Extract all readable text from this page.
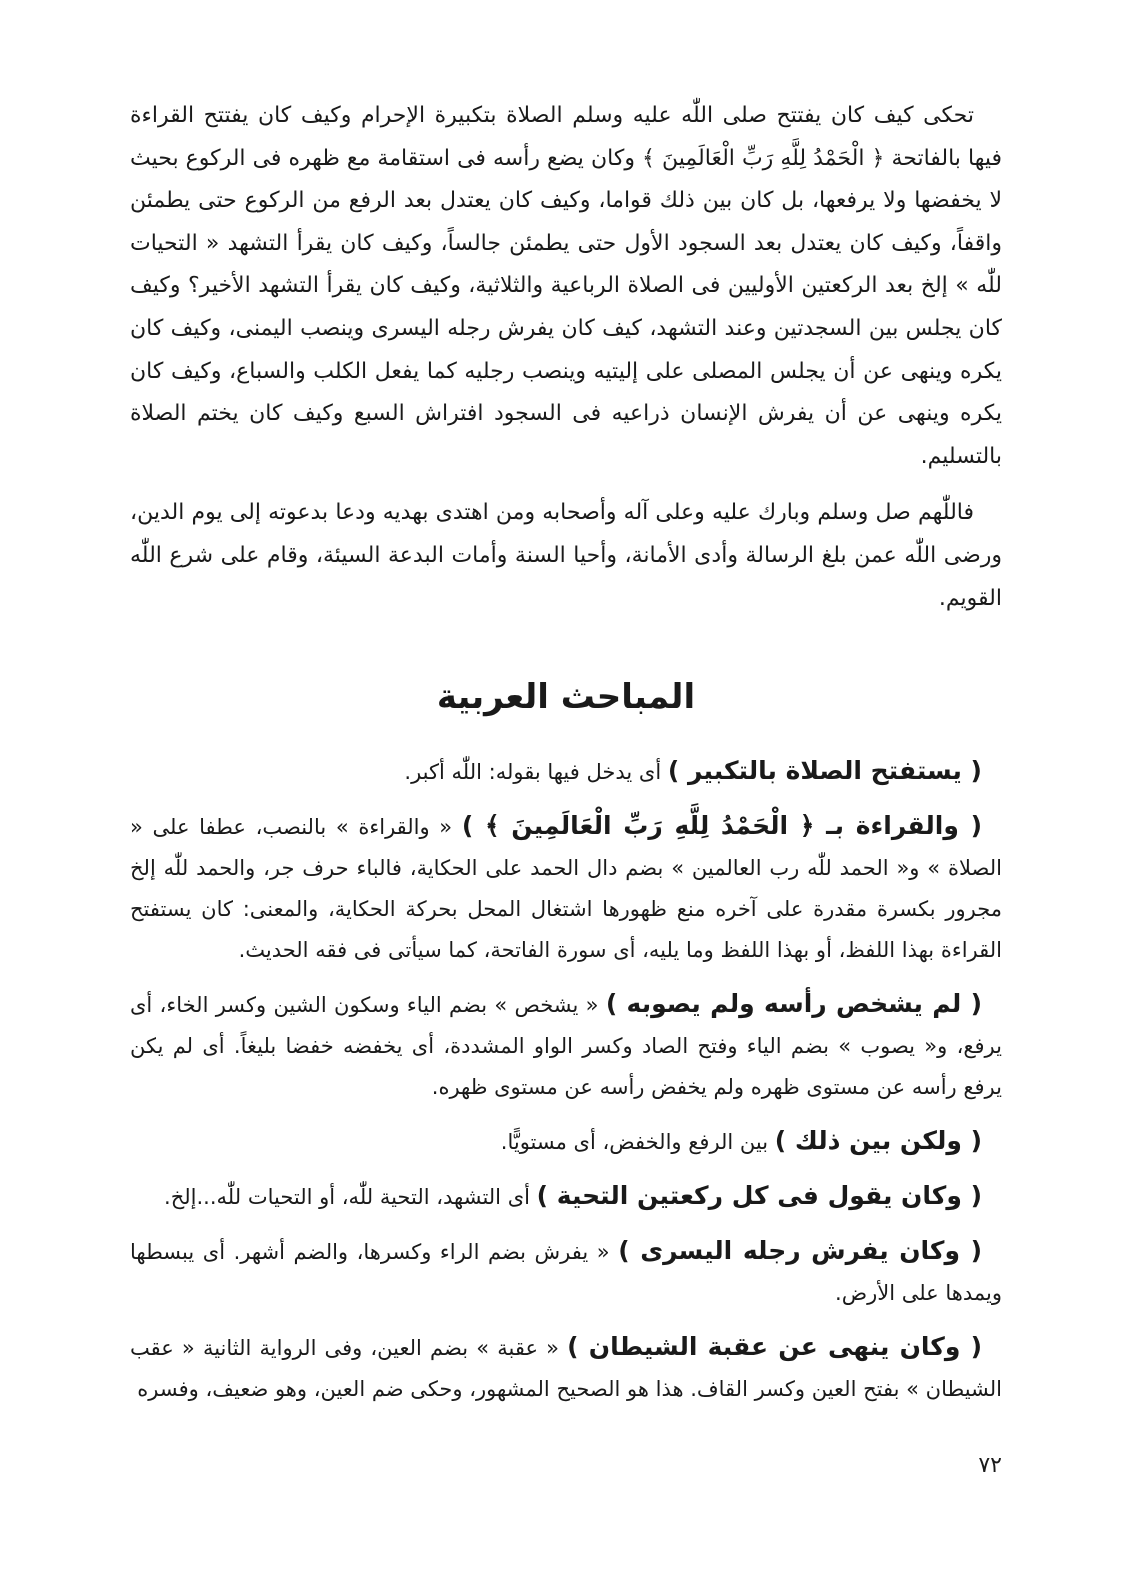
تحكى كيف كان يفتتح صلى اللّٰه عليه وسلم الصلاة بتكبيرة الإحرام وكيف كان يفتتح القراءة فيها بالفاتحة ﴿ الْحَمْدُ لِلَّهِ رَبِّ الْعَالَمِينَ ﴾ وكان يضع رأسه فى استقامة مع ظهره فى الركوع بحيث لا يخفضها ولا يرفعها، بل كان بين ذلك قواما، وكيف كان يعتدل بعد الرفع من الركوع حتى يطمئن واقفاً، وكيف كان يعتدل بعد السجود الأول حتى يطمئن جالساً، وكيف كان يقرأ التشهد « التحيات للّٰه » إلخ بعد الركعتين الأوليين فى الصلاة الرباعية والثلاثية، وكيف كان يقرأ التشهد الأخير؟ وكيف كان يجلس بين السجدتين وعند التشهد، كيف كان يفرش رجله اليسرى وينصب اليمنى، وكيف كان يكره وينهى عن أن يجلس المصلى على إليتيه وينصب رجليه كما يفعل الكلب والسباع، وكيف كان يكره وينهى عن أن يفرش الإنسان ذراعيه فى السجود افتراش السبع وكيف كان يختم الصلاة بالتسليم.

فاللّٰهم صل وسلم وبارك عليه وعلى آله وأصحابه ومن اهتدى بهديه ودعا بدعوته إلى يوم الدين، ورضى اللّٰه عمن بلغ الرسالة وأدى الأمانة، وأحيا السنة وأمات البدعة السيئة، وقام على شرع اللّٰه القويم.

المباحث العربية

( يستفتح الصلاة بالتكبير ) أى يدخل فيها بقوله: اللّٰه أكبر.

( والقراءة بـ ﴿ الْحَمْدُ لِلَّهِ رَبِّ الْعَالَمِينَ ﴾ ) « والقراءة » بالنصب، عطفا على « الصلاة » و« الحمد للّٰه رب العالمين » بضم دال الحمد على الحكاية، فالباء حرف جر، والحمد للّٰه إلخ مجرور بكسرة مقدرة على آخره منع ظهورها اشتغال المحل بحركة الحكاية، والمعنى: كان يستفتح القراءة بهذا اللفظ، أو بهذا اللفظ وما يليه، أى سورة الفاتحة، كما سيأتى فى فقه الحديث.

( لم يشخص رأسه ولم يصوبه ) « يشخص » بضم الياء وسكون الشين وكسر الخاء، أى يرفع، و« يصوب » بضم الياء وفتح الصاد وكسر الواو المشددة، أى يخفضه خفضا بليغاً. أى لم يكن يرفع رأسه عن مستوى ظهره ولم يخفض رأسه عن مستوى ظهره.

( ولكن بين ذلك ) بين الرفع والخفض، أى مستويًّا.

( وكان يقول فى كل ركعتين التحية ) أى التشهد، التحية للّٰه، أو التحيات للّٰه...إلخ.

( وكان يفرش رجله اليسرى ) « يفرش بضم الراء وكسرها، والضم أشهر. أى يبسطها ويمدها على الأرض.

( وكان ينهى عن عقبة الشيطان ) « عقبة » بضم العين، وفى الرواية الثانية « عقب الشيطان » بفتح العين وكسر القاف. هذا هو الصحيح المشهور، وحكى ضم العين، وهو ضعيف، وفسره

٧٢
